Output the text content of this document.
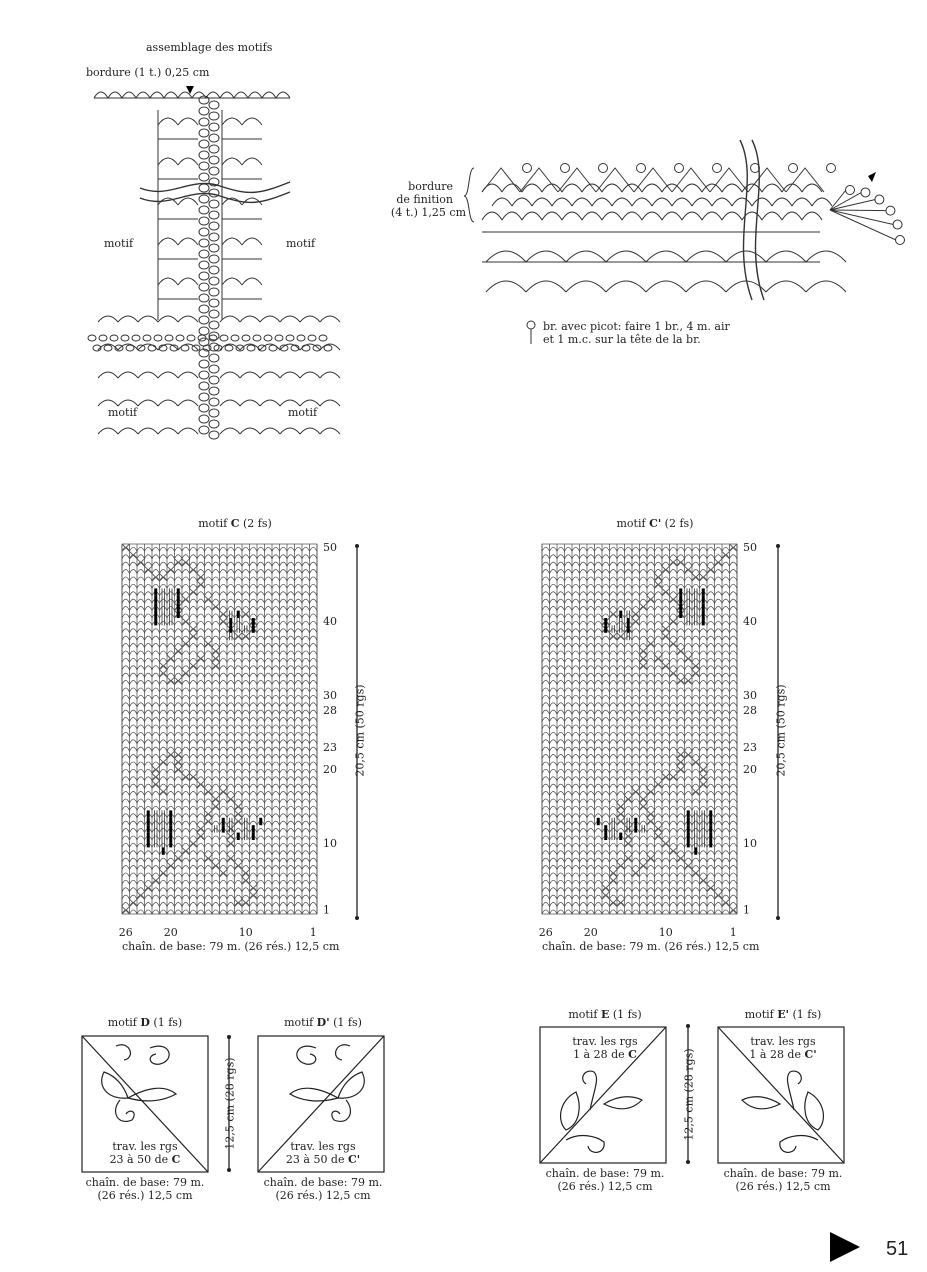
assemblage des motifs
bordure (1 t.) 0,25 cm
motif	motif
motif	motif
bordure
de finition
(4 t.) 1,25 cm
br. avec picot: faire 1 br., 4 m. air
et 1 m.c. sur la tête de la br.
motif C (2 fs)
chaîn. de base: 79 m. (26 rés.) 12,5 cm
20,5 cm (50 rgs)
motif C' (2 fs)
chaîn. de base: 79 m. (26 rés.) 12,5 cm
20,5 cm (50 rgs)
50
40
30
28
23
20
10
1
50
40
30
28
23
20
10
1
26	20	10	1	26	20	10	1
motif D (1 fs)	motif D' (1 fs)
motif E (1 fs)	motif E' (1 fs)
trav. les rgs
23 à 50 de C
trav. les rgs
23 à 50 de C'
trav. les rgs
1 à 28 de C
trav. les rgs
1 à 28 de C'
chaîn. de base: 79 m.
(26 rés.) 12,5 cm
chaîn. de base: 79 m.
(26 rés.) 12,5 cm
chaîn. de base: 79 m.
(26 rés.) 12,5 cm
chaîn. de base: 79 m.
(26 rés.) 12,5 cm
12,5 cm (28 rgs)	12,5 cm (28 rgs)
51
